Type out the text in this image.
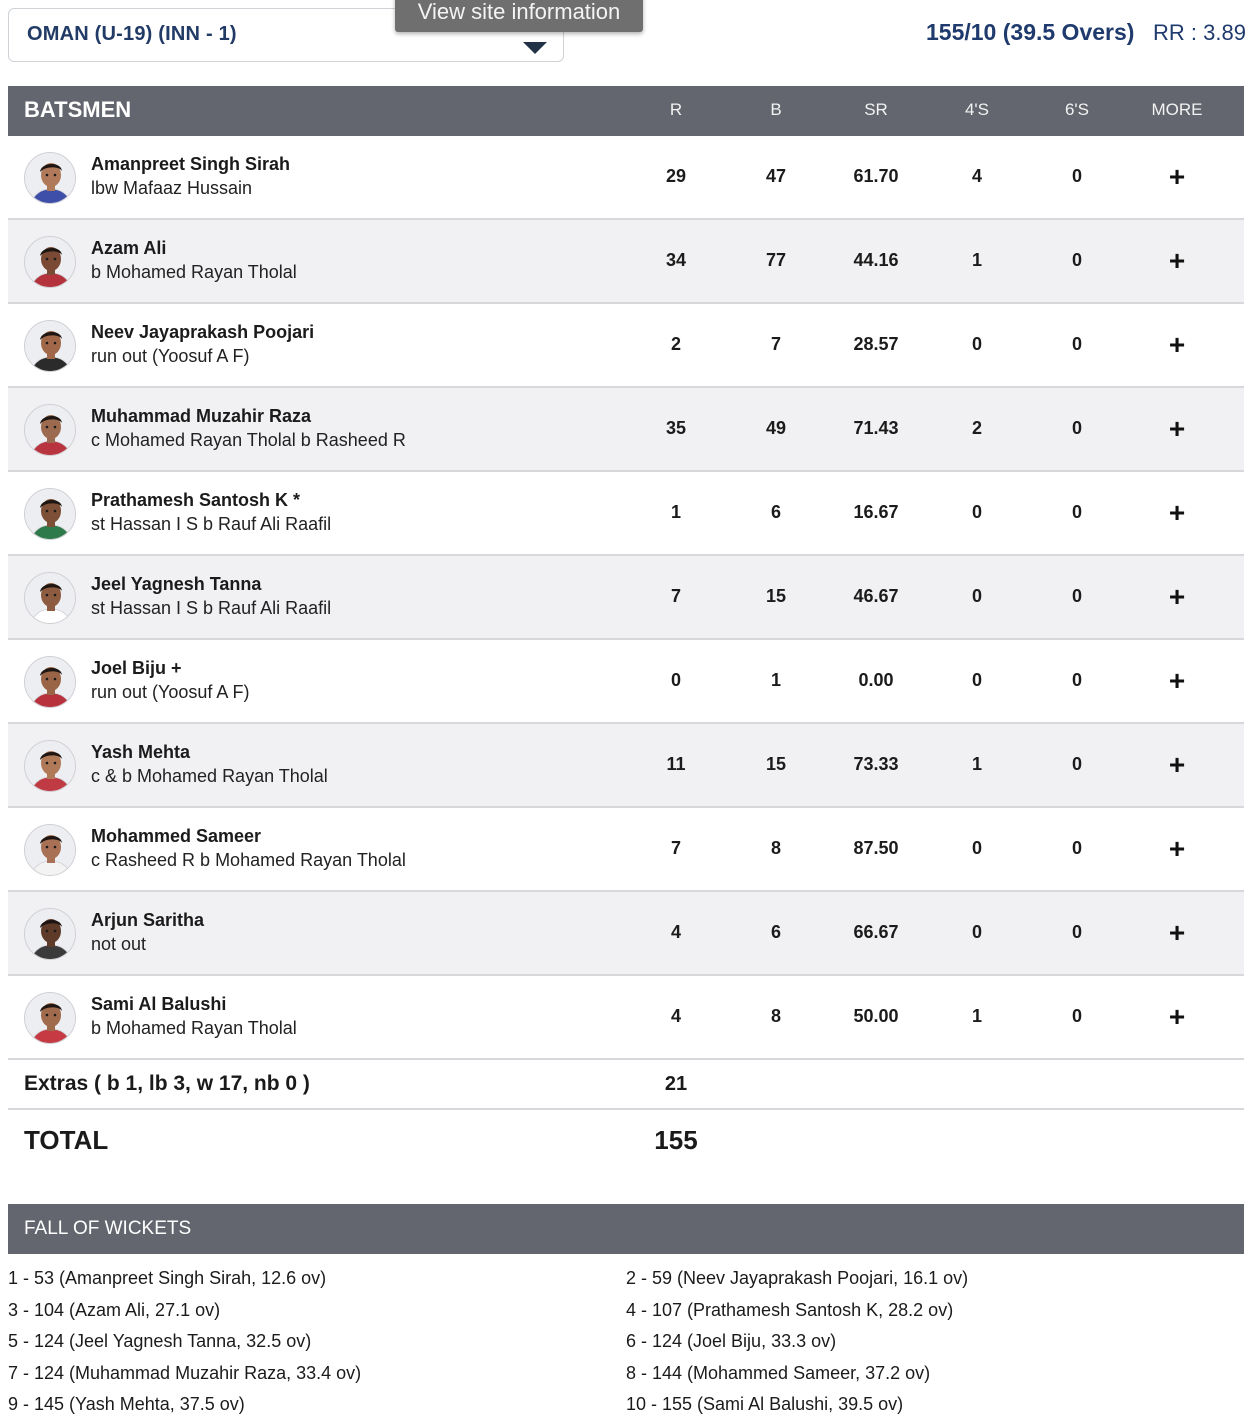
OMAN (U-19) (INN - 1)
View site information
155/10 (39.5 Overs) RR : 3.89
BATSMEN	R	B	SR	4'S	6'S	MORE
Amanpreet Singh Sirah
lbw Mafaaz Hussain
29	47	61.70	4	0	+
Azam Ali
b Mohamed Rayan Tholal
34	77	44.16	1	0	+
Neev Jayaprakash Poojari
run out (Yoosuf A F)
2	7	28.57	0	0	+
Muhammad Muzahir Raza
c Mohamed Rayan Tholal b Rasheed R
35	49	71.43	2	0	+
Prathamesh Santosh K *
st Hassan I S b Rauf Ali Raafil
1	6	16.67	0	0	+
Jeel Yagnesh Tanna
st Hassan I S b Rauf Ali Raafil
7	15	46.67	0	0	+
Joel Biju +
run out (Yoosuf A F)
0	1	0.00	0	0	+
Yash Mehta
c & b Mohamed Rayan Tholal
11	15	73.33	1	0	+
Mohammed Sameer
c Rasheed R b Mohamed Rayan Tholal
7	8	87.50	0	0	+
Arjun Saritha
not out
4	6	66.67	0	0	+
Sami Al Balushi
b Mohamed Rayan Tholal
4	8	50.00	1	0	+
Extras ( b 1, lb 3, w 17, nb 0 )	21
TOTAL	155
FALL OF WICKETS
1 - 53 (Amanpreet Singh Sirah, 12.6 ov)	2 - 59 (Neev Jayaprakash Poojari, 16.1 ov)
3 - 104 (Azam Ali, 27.1 ov)	4 - 107 (Prathamesh Santosh K, 28.2 ov)
5 - 124 (Jeel Yagnesh Tanna, 32.5 ov)	6 - 124 (Joel Biju, 33.3 ov)
7 - 124 (Muhammad Muzahir Raza, 33.4 ov)	8 - 144 (Mohammed Sameer, 37.2 ov)
9 - 145 (Yash Mehta, 37.5 ov)	10 - 155 (Sami Al Balushi, 39.5 ov)
